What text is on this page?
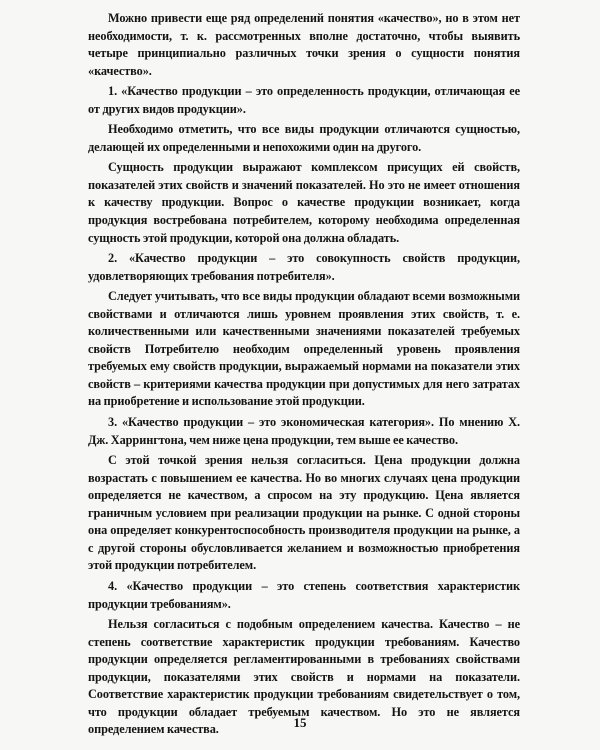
Можно привести еще ряд определений понятия «качество», но в этом нет необходимости, т. к. рассмотренных вполне достаточно, чтобы выявить четыре принципиально различных точки зрения о сущности понятия «качество».

1. «Качество продукции – это определенность продукции, отличающая ее от других видов продукции».

Необходимо отметить, что все виды продукции отличаются сущностью, делающей их определенными и непохожими один на другого.

Сущность продукции выражают комплексом присущих ей свойств, показателей этих свойств и значений показателей. Но это не имеет отношения к качеству продукции. Вопрос о качестве продукции возникает, когда продукция востребована потребителем, которому необходима определенная сущность этой продукции, которой она должна обладать.

2. «Качество продукции – это совокупность свойств продукции, удовлетворяющих требования потребителя».

Следует учитывать, что все виды продукции обладают всеми возможными свойствами и отличаются лишь уровнем проявления этих свойств, т. е. количественными или качественными значениями показателей требуемых свойств Потребителю необходим определенный уровень проявления требуемых ему свойств продукции, выражаемый нормами на показатели этих свойств – критериями качества продукции при допустимых для него затратах на приобретение и использование этой продукции.

3. «Качество продукции – это экономическая категория». По мнению Х. Дж. Харрингтона, чем ниже цена продукции, тем выше ее качество.

С этой точкой зрения нельзя согласиться. Цена продукции должна возрастать с повышением ее качества. Но во многих случаях цена продукции определяется не качеством, а спросом на эту продукцию. Цена является граничным условием при реализации продукции на рынке. С одной стороны она определяет конкурентоспособность производителя продукции на рынке, а с другой стороны обусловливается желанием и возможностью приобретения этой продукции потребителем.

4. «Качество продукции – это степень соответствия характеристик продукции требованиям».

Нельзя согласиться с подобным определением качества. Качество – не степень соответствие характеристик продукции требованиям. Качество продукции определяется регламентированными в требованиях свойствами продукции, показателями этих свойств и нормами на показатели. Соответствие характеристик продукции требованиям свидетельствует о том, что продукции обладает требуемым качеством. Но это не является определением качества.	15
